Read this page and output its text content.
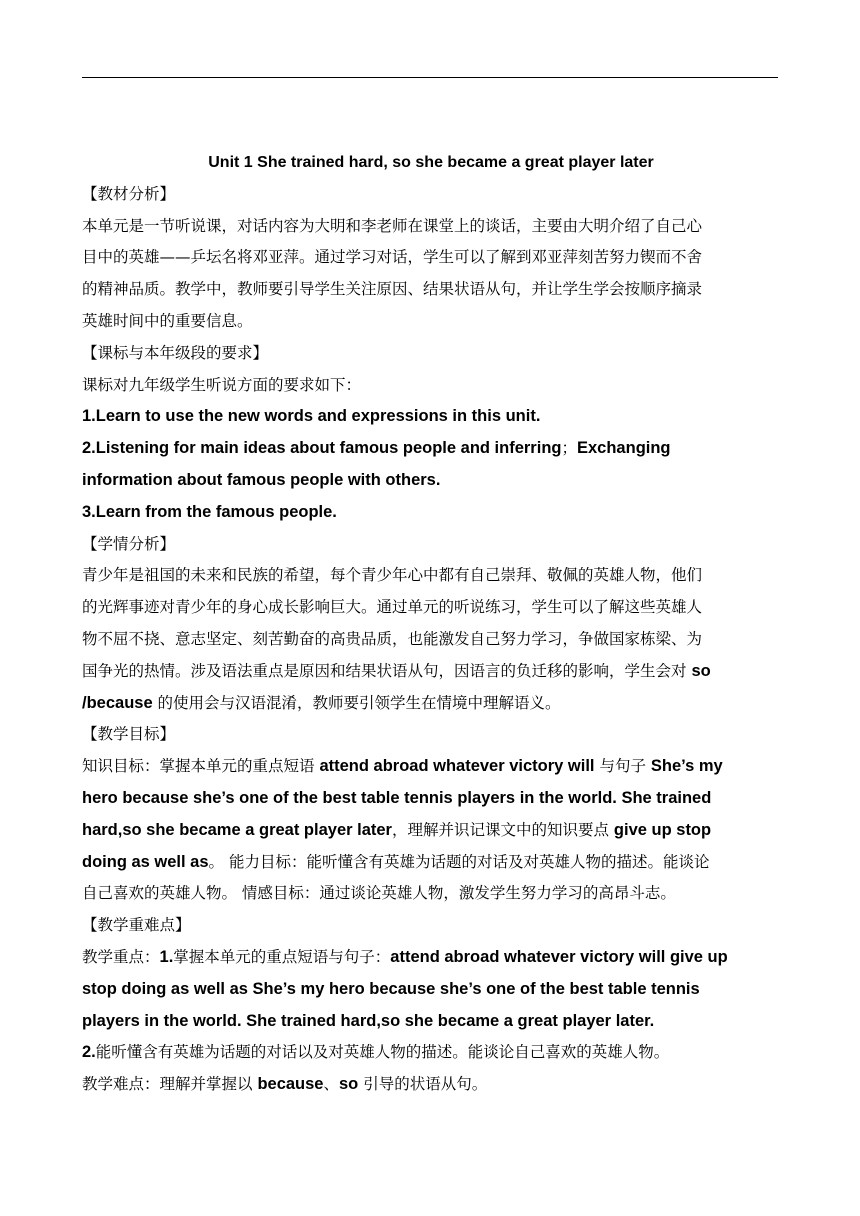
Unit 1 She trained hard, so she became a great player later

【教材分析】

本单元是一节听说课，对话内容为大明和李老师在课堂上的谈话，主要由大明介绍了自己心

目中的英雄——乒坛名将邓亚萍。通过学习对话，学生可以了解到邓亚萍刻苦努力锲而不舍

的精神品质。教学中，教师要引导学生关注原因、结果状语从句，并让学生学会按顺序摘录

英雄时间中的重要信息。

【课标与本年级段的要求】

课标对九年级学生听说方面的要求如下：

1.Learn to use the new words and expressions in this unit.

2.Listening for main ideas about famous people and inferring；Exchanging

information about famous people with others.

3.Learn from the famous people.

【学情分析】

青少年是祖国的未来和民族的希望，每个青少年心中都有自己崇拜、敬佩的英雄人物，他们

的光辉事迹对青少年的身心成长影响巨大。通过单元的听说练习，学生可以了解这些英雄人

物不屈不挠、意志坚定、刻苦勤奋的高贵品质，也能激发自己努力学习，争做国家栋梁、为

国争光的热情。涉及语法重点是原因和结果状语从句，因语言的负迁移的影响，学生会对 so

/because 的使用会与汉语混淆，教师要引领学生在情境中理解语义。

【教学目标】

知识目标：掌握本单元的重点短语 attend abroad whatever victory will 与句子 She’s my

hero because she’s one of the best table tennis players in the world. She trained

hard,so she became a great player later，理解并识记课文中的知识要点 give up stop

doing as well as。 能力目标：能听懂含有英雄为话题的对话及对英雄人物的描述。能谈论

自己喜欢的英雄人物。 情感目标：通过谈论英雄人物，激发学生努力学习的高昂斗志。

【教学重难点】

教学重点：1.掌握本单元的重点短语与句子：attend abroad whatever victory will give up

stop doing as well as She’s my hero because she’s one of the best table tennis

players in the world. She trained hard,so she became a great player later.

2.能听懂含有英雄为话题的对话以及对英雄人物的描述。能谈论自己喜欢的英雄人物。

教学难点：理解并掌握以 because、so 引导的状语从句。
